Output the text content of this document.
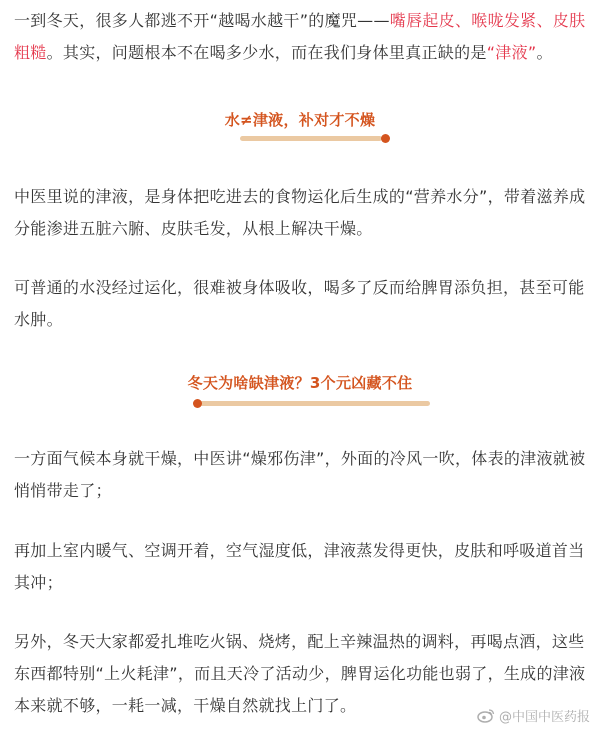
一到冬天，很多人都逃不开“越喝水越干”的魔咒——嘴唇起皮、喉咙发紧、皮肤粗糙。其实，问题根本不在喝多少水，而在我们身体里真正缺的是“津液”。

水≠津液，补对才不燥

中医里说的津液，是身体把吃进去的食物运化后生成的“营养水分”，带着滋养成分能渗进五脏六腑、皮肤毛发，从根上解决干燥。

可普通的水没经过运化，很难被身体吸收，喝多了反而给脾胃添负担，甚至可能水肿。

冬天为啥缺津液？3个元凶藏不住

一方面气候本身就干燥，中医讲“燥邪伤津”，外面的冷风一吹，体表的津液就被悄悄带走了；

再加上室内暖气、空调开着，空气湿度低，津液蒸发得更快，皮肤和呼吸道首当其冲；

另外，冬天大家都爱扎堆吃火锅、烧烤，配上辛辣温热的调料，再喝点酒，这些东西都特别“上火耗津”，而且天冷了活动少，脾胃运化功能也弱了，生成的津液本来就不够，一耗一减，干燥自然就找上门了。

@中国中医药报
